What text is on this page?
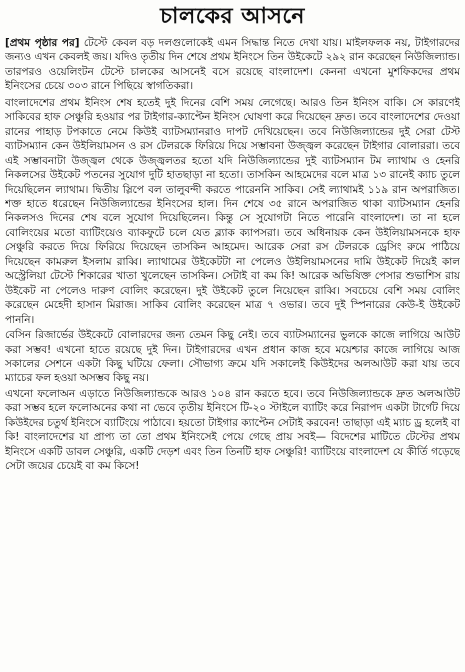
চালকের আসনে

[প্রথম পৃষ্ঠার পর] টেস্টে কেবল বড় দলগুলোকেই এমন সিদ্ধান্ত নিতে দেখা যায়। মাইলফলক নয়, টাইগারদের জন্যও এখন কেবলই জয়। যদিও তৃতীয় দিন শেষে প্রথম ইনিংসে তিন উইকেটে ২৯২ রান করেছেন নিউজিল্যান্ড। তারপরও ওয়েলিংটন টেস্টে চালকের আসনেই বসে রয়েছে বাংলাদেশ। কেননা এখনো মুশফিকদের প্রথম ইনিংসের চেয়ে ৩০৩ রানে পিছিয়ে স্বাগতিকরা।

বাংলাদেশের প্রথম ইনিংস শেষ হতেই দুই দিনের বেশি সময় লেগেছে। আরও তিন ইনিংস বাকি। সে কারণেই সাকিবের হাফ সেঞ্চুরি হওয়ার পর টাইগার-ক্যাপ্টেন ইনিংস ঘোষণা করে দিয়েছেন দ্রুত। তবে বাংলাদেশের দেওয়া রানের পাহাড় টপকাতে নেমে কিউই ব্যাটসম্যানরাও দাপট দেখিয়েছেন। তবে নিউজিল্যান্ডের দুই সেরা টেস্ট ব্যাটসম্যান কেন উইলিয়ামসন ও রস টেলরকে ফিরিয়ে দিয়ে সম্ভাবনা উজ্জ্বল করেছেন টাইগার বোলাররা। তবে এই সম্ভাবনাটা উজ্জ্বল থেকে উজ্জ্বলতর হতো যদি নিউজিল্যান্ডের দুই ব্যাটসম্যান টম ল্যাথাম ও হেনরি নিকলসের উইকেট পতনের সুযোগ দুটি হাতছাড়া না হতো। তাসকিন আহমেদের বলে মাত্র ১৩ রানেই ক্যাচ তুলে দিয়েছিলেন ল্যাথাম। দ্বিতীয় স্লিপে বল তালুবন্দী করতে পারেননি সাকিব। সেই ল্যাথামই ১১৯ রান অপরাজিত। শক্ত হাতে ধরেছেন নিউজিল্যান্ডের ইনিংসের হাল। দিন শেষে ৩৫ রানে অপরাজিত থাকা ব্যাটসম্যান হেনরি নিকলসও দিনের শেষ বলে সুযোগ দিয়েছিলেন। কিন্তু সে সুযোগটা নিতে পারেনি বাংলাদেশ। তা না হলে বোলিংয়ের মতো ব্যাটিংয়েও ব্যাকফুটে চলে যেত ব্ল্যাক ক্যাপসরা। তবে অধিনায়ক কেন উইলিয়ামসনকে হাফ সেঞ্চুরি করতে দিয়ে ফিরিয়ে দিয়েছেন তাসকিন আহমেদ। আরেক সেরা রস টেলরকে ড্রেসিং রুমে পাঠিয়ে দিয়েছেন কামরুল ইসলাম রাব্বি। ল্যাথামের উইকেটটা না পেলেও উইলিয়ামসনের দামি উইকেট দিয়েই কাল অস্ট্রেলিয়া টেস্টে শিকারের খাতা খুলেছেন তাসকিন। সেটাই বা কম কি! আরেক অভিষিক্ত পেসার শুভাশিস রায় উইকেট না পেলেও দারুণ বোলিং করেছেন। দুই উইকেট তুলে নিয়েছেন রাব্বি। সবচেয়ে বেশি সময় বোলিং করেছেন মেহেদী হাসান মিরাজ। সাকিব বোলিং করেছেন মাত্র ৭ ওভার। তবে দুই স্পিনারের কেউ-ই উইকেট পাননি।

বেসিন রিজার্ভের উইকেটে বোলারদের জন্য তেমন কিছু নেই। তবে ব্যাটসম্যানের ভুলকে কাজে লাগিয়ে আউট করা সম্ভব! এখনো হাতে রয়েছে দুই দিন। টাইগারদের এখন প্রধান কাজ হবে ময়েশ্চার কাজে লাগিয়ে আজ সকালের সেশনে একটা কিছু ঘটিয়ে ফেলা। সৌভাগ্য ক্রমে যদি সকালেই কিউইদের অলআউট করা যায় তবে ম্যাচের ফল হওয়া অসম্ভব কিছু নয়।

এখনো ফলোঅন এড়াতে নিউজিল্যান্ডকে আরও ১০৪ রান করতে হবে। তবে নিউজিল্যান্ডকে দ্রুত অলআউট করা সম্ভব হলে ফলোঅনের কথা না ভেবে তৃতীয় ইনিংসে টি-২০ স্টাইলে ব্যাটিং করে নিরাপদ একটা টার্গেট দিয়ে কিউইদের চতুর্থ ইনিংসে ব্যাটিংয়ে পাঠাবে। হয়তো টাইগার ক্যাপ্টেন সেটাই করবেন! তাছাড়া এই ম্যাচ ড্র হলেই বা কি! বাংলাদেশের যা প্রাপ্য তা তো প্রথম ইনিংসেই পেয়ে গেছে প্রায় সবই— বিদেশের মাটিতে টেস্টের প্রথম ইনিংসে একটি ডাবল সেঞ্চুরি, একটি দেড়শ এবং তিন তিনটি হাফ সেঞ্চুরি! ব্যাটিংয়ে বাংলাদেশ যে কীর্তি গড়েছে সেটা জয়ের চেয়েই বা কম কিসে!
